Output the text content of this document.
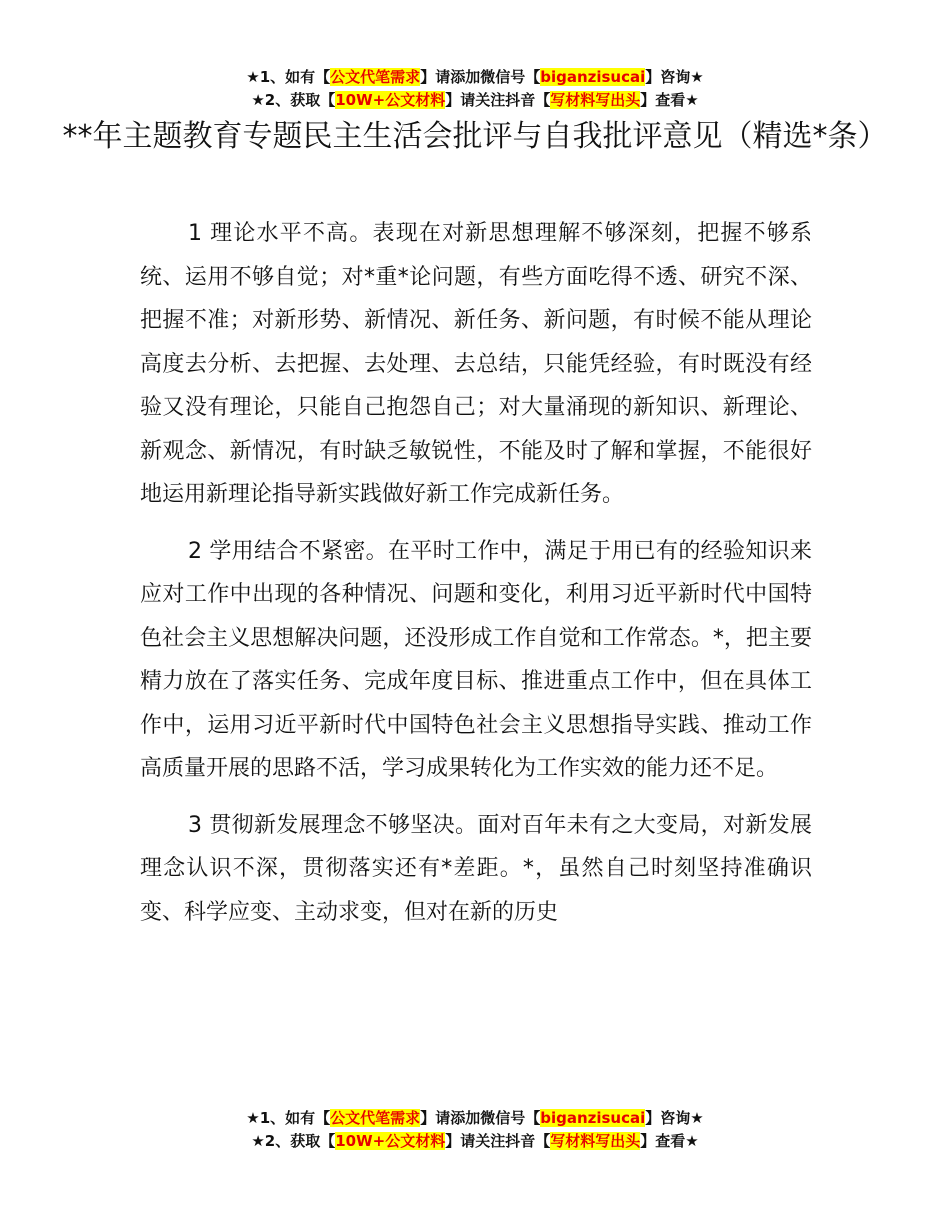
★1、如有【公文代笔需求】请添加微信号【biganzisucai】咨询★
★2、获取【10W+公文材料】请关注抖音【写材料写出头】查看★
**年主题教育专题民主生活会批评与自我批评意见（精选*条）

1 理论水平不高。表现在对新思想理解不够深刻，把握不够系统、运用不够自觉；对*重*论问题，有些方面吃得不透、研究不深、把握不准；对新形势、新情况、新任务、新问题，有时候不能从理论高度去分析、去把握、去处理、去总结，只能凭经验，有时既没有经验又没有理论，只能自己抱怨自己；对大量涌现的新知识、新理论、新观念、新情况，有时缺乏敏锐性，不能及时了解和掌握，不能很好地运用新理论指导新实践做好新工作完成新任务。

2 学用结合不紧密。在平时工作中，满足于用已有的经验知识来应对工作中出现的各种情况、问题和变化，利用习近平新时代中国特色社会主义思想解决问题，还没形成工作自觉和工作常态。*，把主要精力放在了落实任务、完成年度目标、推进重点工作中，但在具体工作中，运用习近平新时代中国特色社会主义思想指导实践、推动工作高质量开展的思路不活，学习成果转化为工作实效的能力还不足。

3 贯彻新发展理念不够坚决。面对百年未有之大变局，对新发展理念认识不深，贯彻落实还有*差距。*，虽然自己时刻坚持准确识变、科学应变、主动求变，但对在新的历史

★1、如有【公文代笔需求】请添加微信号【biganzisucai】咨询★
★2、获取【10W+公文材料】请关注抖音【写材料写出头】查看★
